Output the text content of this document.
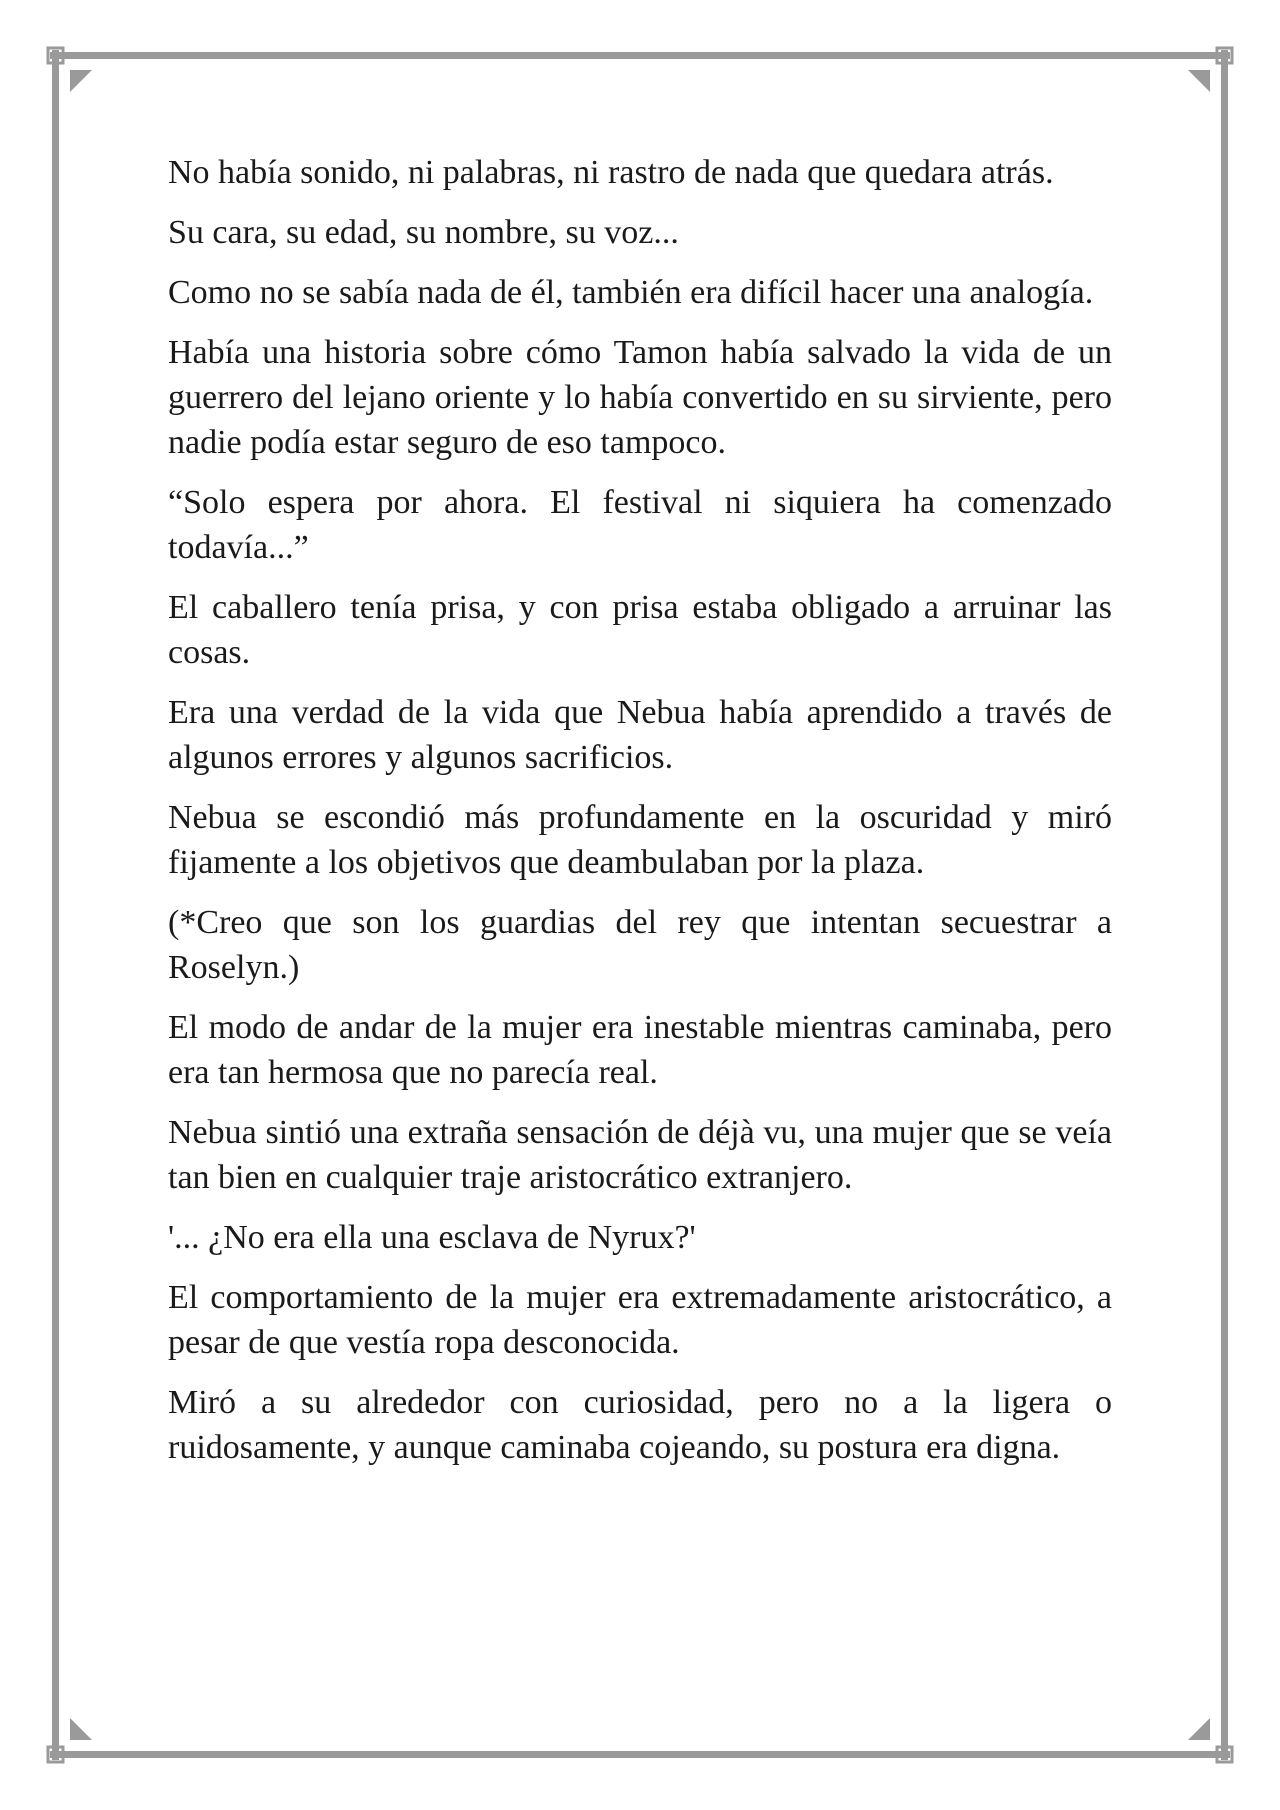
No había sonido, ni palabras, ni rastro de nada que quedara atrás.

Su cara, su edad, su nombre, su voz...

Como no se sabía nada de él, también era difícil hacer una analogía.

Había una historia sobre cómo Tamon había salvado la vida de un guerrero del lejano oriente y lo había convertido en su sirviente, pero nadie podía estar seguro de eso tampoco.

“Solo espera por ahora. El festival ni siquiera ha comenzado todavía...”

El caballero tenía prisa, y con prisa estaba obligado a arruinar las cosas.

Era una verdad de la vida que Nebua había aprendido a través de algunos errores y algunos sacrificios.

Nebua se escondió más profundamente en la oscuridad y miró fijamente a los objetivos que deambulaban por la plaza.

(*Creo que son los guardias del rey que intentan secuestrar a Roselyn.)

El modo de andar de la mujer era inestable mientras caminaba, pero era tan hermosa que no parecía real.

Nebua sintió una extraña sensación de déjà vu, una mujer que se veía tan bien en cualquier traje aristocrático extranjero.

'... ¿No era ella una esclava de Nyrux?'

El comportamiento de la mujer era extremadamente aristocrático, a pesar de que vestía ropa desconocida.

Miró a su alrededor con curiosidad, pero no a la ligera o ruidosamente, y aunque caminaba cojeando, su postura era digna.
